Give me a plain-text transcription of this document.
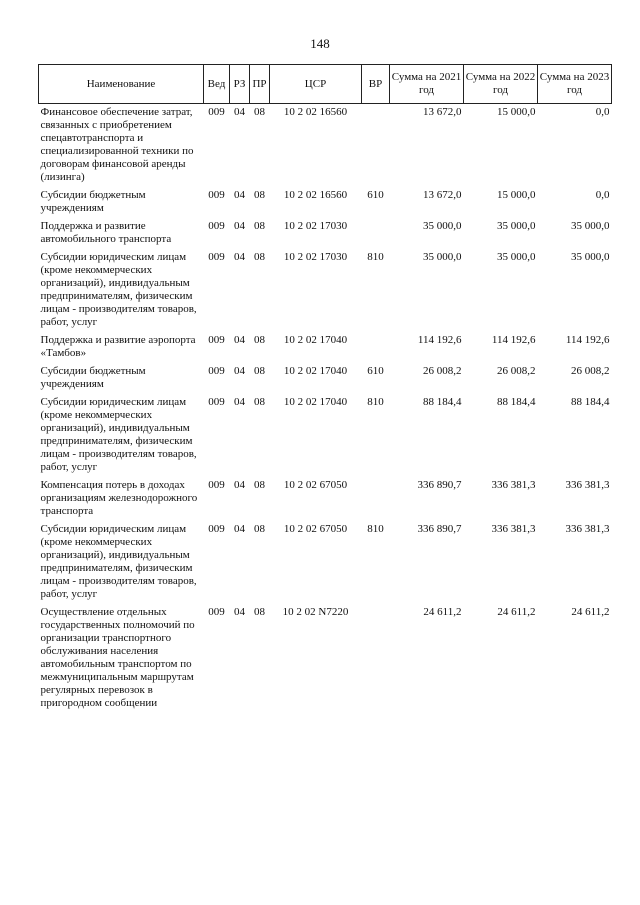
148
Наименование	Вед	РЗ	ПР	ЦСР	ВР	Сумма на 2021 год	Сумма на 2022 год	Сумма на 2023 год
Финансовое обеспечение затрат, связанных с приобретением спецавтотранспорта и специализированной техники по договорам финансовой аренды (лизинга)	009	04	08	10 2 02 16560		13 672,0	15 000,0	0,0
Субсидии бюджетным учреждениям	009	04	08	10 2 02 16560	610	13 672,0	15 000,0	0,0
Поддержка и развитие автомобильного транспорта	009	04	08	10 2 02 17030		35 000,0	35 000,0	35 000,0
Субсидии юридическим лицам (кроме некоммерческих организаций), индивидуальным предпринимателям, физическим лицам - производителям товаров, работ, услуг	009	04	08	10 2 02 17030	810	35 000,0	35 000,0	35 000,0
Поддержка и развитие аэропорта «Тамбов»	009	04	08	10 2 02 17040		114 192,6	114 192,6	114 192,6
Субсидии бюджетным учреждениям	009	04	08	10 2 02 17040	610	26 008,2	26 008,2	26 008,2
Субсидии юридическим лицам (кроме некоммерческих организаций), индивидуальным предпринимателям, физическим лицам - производителям товаров, работ, услуг	009	04	08	10 2 02 17040	810	88 184,4	88 184,4	88 184,4
Компенсация потерь в доходах организациям железнодорожного транспорта	009	04	08	10 2 02 67050		336 890,7	336 381,3	336 381,3
Субсидии юридическим лицам (кроме некоммерческих организаций), индивидуальным предпринимателям, физическим лицам - производителям товаров, работ, услуг	009	04	08	10 2 02 67050	810	336 890,7	336 381,3	336 381,3
Осуществление отдельных государственных полномочий по организации транспортного обслуживания населения автомобильным транспортом по межмуниципальным маршрутам регулярных перевозок в пригородном сообщении	009	04	08	10 2 02 N7220		24 611,2	24 611,2	24 611,2
